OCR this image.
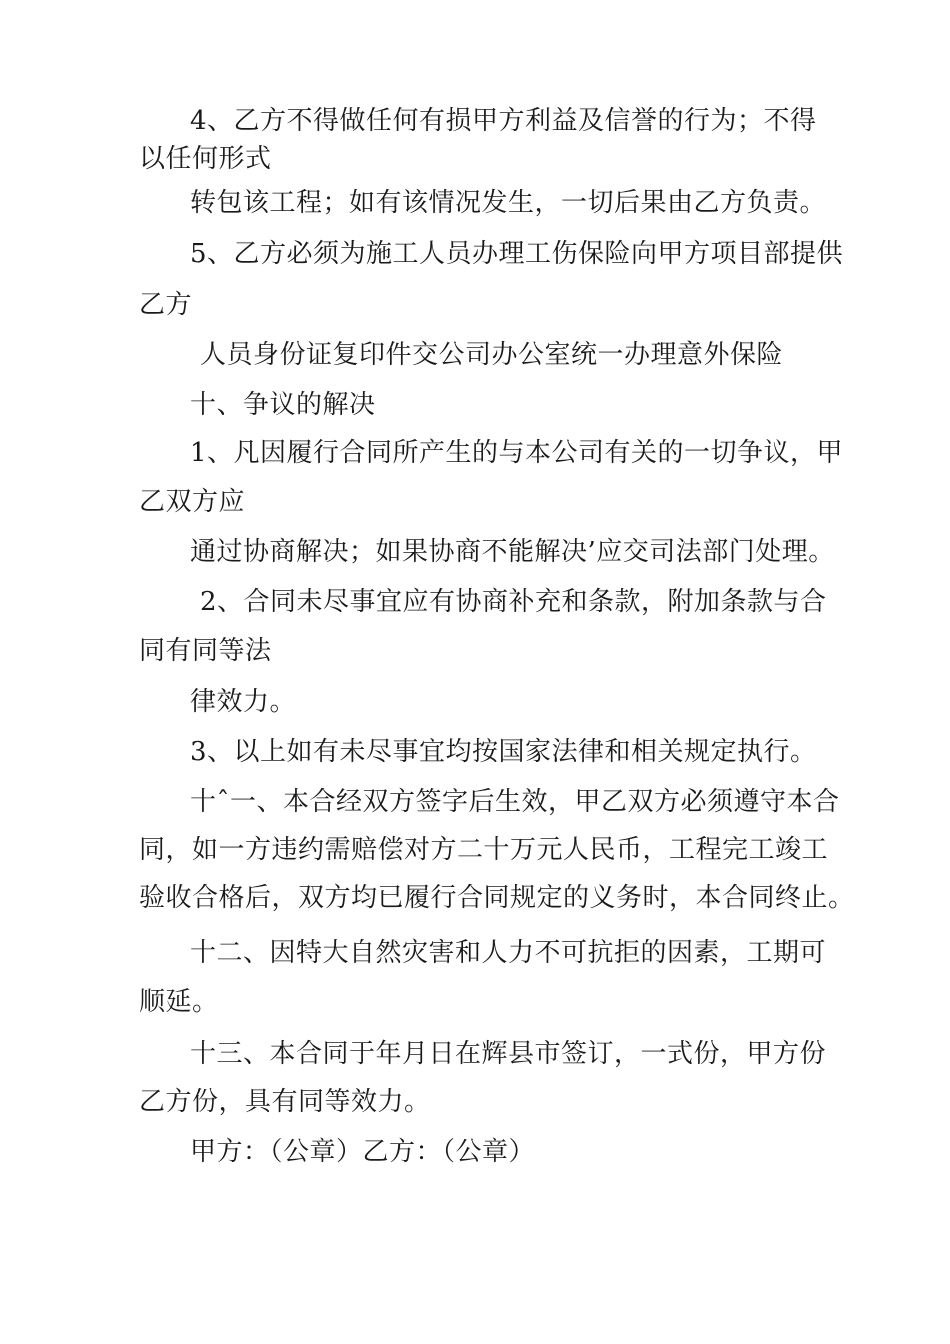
4、乙方不得做任何有损甲方利益及信誉的行为；不得
以任何形式
转包该工程；如有该情况发生，一切后果由乙方负责。
5、乙方必须为施工人员办理工伤保险向甲方项目部提供
乙方
人员身份证复印件交公司办公室统一办理意外保险
十、争议的解决
1、凡因履行合同所产生的与本公司有关的一切争议，甲
乙双方应
通过协商解决；如果协商不能解决’应交司法部门处理。
2、合同未尽事宜应有协商补充和条款，附加条款与合
同有同等法
律效力。
3、以上如有未尽事宜均按国家法律和相关规定执行。
十ˆ一、本合经双方签字后生效，甲乙双方必须遵守本合
同，如一方违约需赔偿对方二十万元人民币，工程完工竣工
验收合格后，双方均已履行合同规定的义务时，本合同终止。
十二、因特大自然灾害和人力不可抗拒的因素，工期可
顺延。
十三、本合同于年月日在辉县市签订，一式份，甲方份
乙方份，具有同等效力。
甲方：（公章）乙方：（公章）
